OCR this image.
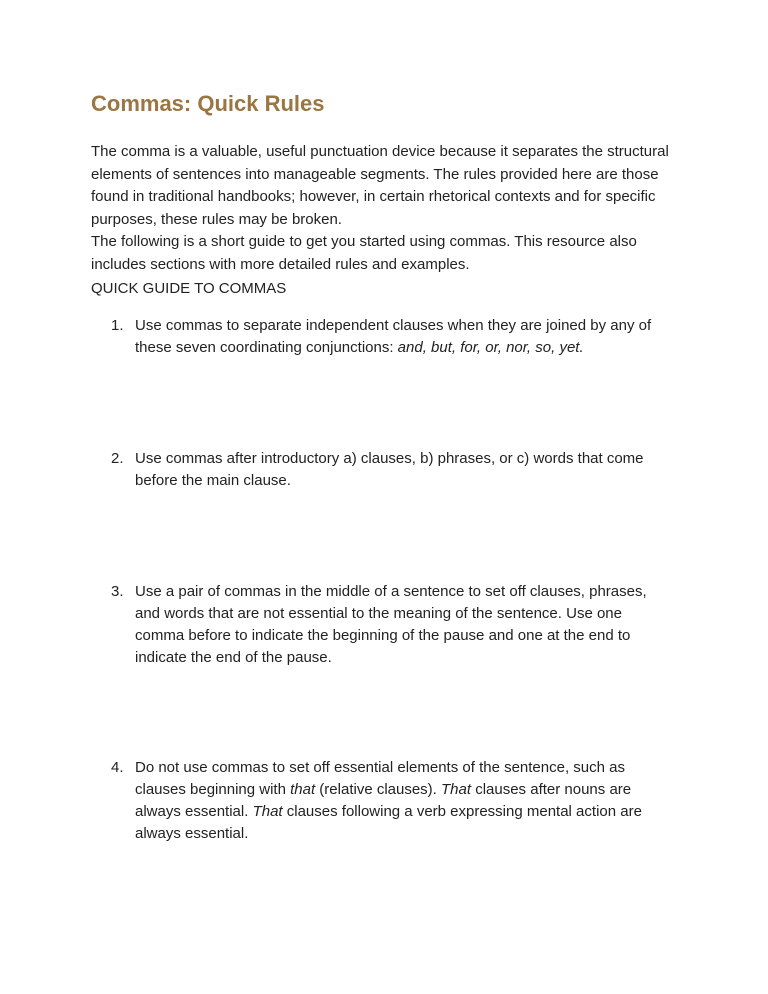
Commas: Quick Rules

The comma is a valuable, useful punctuation device because it separates the structural elements of sentences into manageable segments. The rules provided here are those found in traditional handbooks; however, in certain rhetorical contexts and for specific purposes, these rules may be broken.

The following is a short guide to get you started using commas. This resource also includes sections with more detailed rules and examples.

QUICK GUIDE TO COMMAS

1. Use commas to separate independent clauses when they are joined by any of these seven coordinating conjunctions: and, but, for, or, nor, so, yet.
2. Use commas after introductory a) clauses, b) phrases, or c) words that come before the main clause.
3. Use a pair of commas in the middle of a sentence to set off clauses, phrases, and words that are not essential to the meaning of the sentence. Use one comma before to indicate the beginning of the pause and one at the end to indicate the end of the pause.
4. Do not use commas to set off essential elements of the sentence, such as clauses beginning with that (relative clauses). That clauses after nouns are always essential. That clauses following a verb expressing mental action are always essential.
